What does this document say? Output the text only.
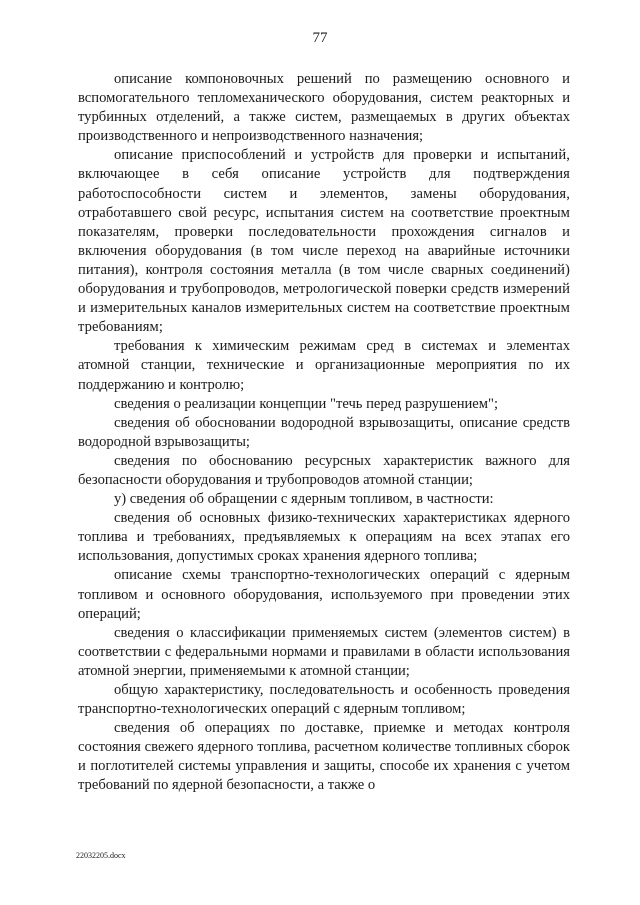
77

описание компоновочных решений по размещению основного и вспомогательного тепломеханического оборудования, систем реакторных и турбинных отделений, а также систем, размещаемых в других объектах производственного и непроизводственного назначения;

описание приспособлений и устройств для проверки и испытаний, включающее в себя описание устройств для подтверждения работоспособности систем и элементов, замены оборудования, отработавшего свой ресурс, испытания систем на соответствие проектным показателям, проверки последовательности прохождения сигналов и включения оборудования (в том числе переход на аварийные источники питания), контроля состояния металла (в том числе сварных соединений) оборудования и трубопроводов, метрологической поверки средств измерений и измерительных каналов измерительных систем на соответствие проектным требованиям;

требования к химическим режимам сред в системах и элементах атомной станции, технические и организационные мероприятия по их поддержанию и контролю;

сведения о реализации концепции "течь перед разрушением";

сведения об обосновании водородной взрывозащиты, описание средств водородной взрывозащиты;

сведения по обоснованию ресурсных характеристик важного для безопасности оборудования и трубопроводов атомной станции;

у) сведения об обращении с ядерным топливом, в частности:

сведения об основных физико-технических характеристиках ядерного топлива и требованиях, предъявляемых к операциям на всех этапах его использования, допустимых сроках хранения ядерного топлива;

описание схемы транспортно-технологических операций с ядерным топливом и основного оборудования, используемого при проведении этих операций;

сведения о классификации применяемых систем (элементов систем) в соответствии с федеральными нормами и правилами в области использования атомной энергии, применяемыми к атомной станции;

общую характеристику, последовательность и особенность проведения транспортно-технологических операций с ядерным топливом;

сведения об операциях по доставке, приемке и методах контроля состояния свежего ядерного топлива, расчетном количестве топливных сборок и поглотителей системы управления и защиты, способе их хранения с учетом требований по ядерной безопасности, а также о

22032205.docx
